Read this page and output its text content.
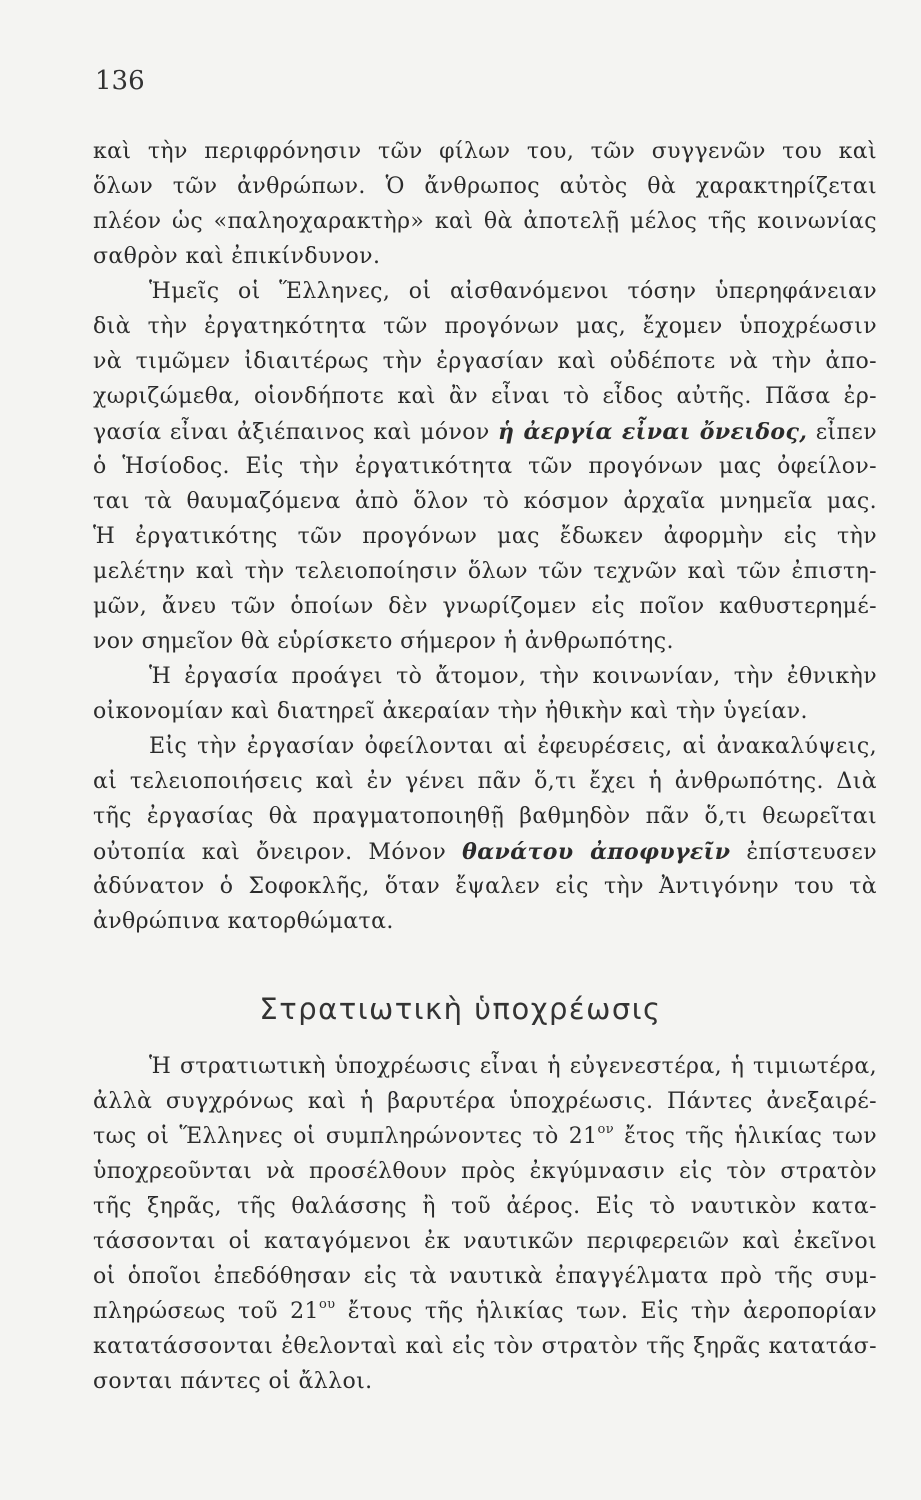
136
καὶ τὴν περιφρόνησιν τῶν φίλων του, τῶν συγγενῶν του καὶ
ὅλων τῶν ἀνθρώπων. Ὁ ἄνθρωπος αὐτὸς θὰ χαρακτηρίζεται
πλέον ὡς «παληοχαρακτὴρ» καὶ θὰ ἀποτελῇ μέλος τῆς κοινωνίας
σαθρὸν καὶ ἐπικίνδυνον.
Ἡμεῖς οἱ Ἕλληνες, οἱ αἰσθανόμενοι τόσην ὑπερηφάνειαν
διὰ τὴν ἐργατηκότητα τῶν προγόνων μας, ἔχομεν ὑποχρέωσιν
νὰ τιμῶμεν ἰδιαιτέρως τὴν ἐργασίαν καὶ οὐδέποτε νὰ τὴν ἀπο-
χωριζώμεθα, οἱονδήποτε καὶ ἂν εἶναι τὸ εἶδος αὐτῆς. Πᾶσα ἐρ-
γασία εἶναι ἀξιέπαινος καὶ μόνον ἡ ἀεργία εἶναι ὄνειδος, εἶπεν
ὁ Ἡσίοδος. Εἰς τὴν ἐργατικότητα τῶν προγόνων μας ὀφείλον-
ται τὰ θαυμαζόμενα ἀπὸ ὅλον τὸ κόσμον ἀρχαῖα μνημεῖα μας.
Ἡ ἐργατικότης τῶν προγόνων μας ἔδωκεν ἀφορμὴν εἰς τὴν
μελέτην καὶ τὴν τελειοποίησιν ὅλων τῶν τεχνῶν καὶ τῶν ἐπιστη-
μῶν, ἄνευ τῶν ὁποίων δὲν γνωρίζομεν εἰς ποῖον καθυστερημέ-
νον σημεῖον θὰ εὑρίσκετο σήμερον ἡ ἀνθρωπότης.
Ἡ ἐργασία προάγει τὸ ἄτομον, τὴν κοινωνίαν, τὴν ἐθνικὴν
οἰκονομίαν καὶ διατηρεῖ ἀκεραίαν τὴν ἠθικὴν καὶ τὴν ὑγείαν.
Εἰς τὴν ἐργασίαν ὀφείλονται αἱ ἐφευρέσεις, αἱ ἀνακαλύψεις,
αἱ τελειοποιήσεις καὶ ἐν γένει πᾶν ὅ,τι ἔχει ἡ ἀνθρωπότης. Διὰ
τῆς ἐργασίας θὰ πραγματοποιηθῇ βαθμηδὸν πᾶν ὅ,τι θεωρεῖται
οὐτοπία καὶ ὄνειρον. Μόνον θανάτου ἀποφυγεῖν ἐπίστευσεν
ἀδύνατον ὁ Σοφοκλῆς, ὅταν ἔψαλεν εἰς τὴν Ἀντιγόνην του τὰ
ἀνθρώπινα κατορθώματα.
Στρατιωτικὴ ὑποχρέωσις
Ἡ στρατιωτικὴ ὑποχρέωσις εἶναι ἡ εὐγενεστέρα, ἡ τιμιωτέρα,
ἀλλὰ συγχρόνως καὶ ἡ βαρυτέρα ὑποχρέωσις. Πάντες ἀνεξαιρέ-
τως οἱ Ἕλληνες οἱ συμπληρώνοντες τὸ $21^{o\nu}$ ἔτος τῆς ἡλικίας των
ὑποχρεοῦνται νὰ προσέλθουν πρὸς ἐκγύμνασιν εἰς τὸν στρατὸν
τῆς ξηρᾶς, τῆς θαλάσσης ἢ τοῦ ἀέρος. Εἰς τὸ ναυτικὸν κατα-
τάσσονται οἱ καταγόμενοι ἐκ ναυτικῶν περιφερειῶν καὶ ἐκεῖνοι
οἱ ὁποῖοι ἐπεδόθησαν εἰς τὰ ναυτικὰ ἐπαγγέλματα πρὸ τῆς συμ-
πληρώσεως τοῦ $21^{o\upsilon}$ ἔτους τῆς ἡλικίας των. Εἰς τὴν ἀεροπορίαν
κατατάσσονται ἐθελονταὶ καὶ εἰς τὸν στρατὸν τῆς ξηρᾶς κατατάσ-
σονται πάντες οἱ ἄλλοι.
